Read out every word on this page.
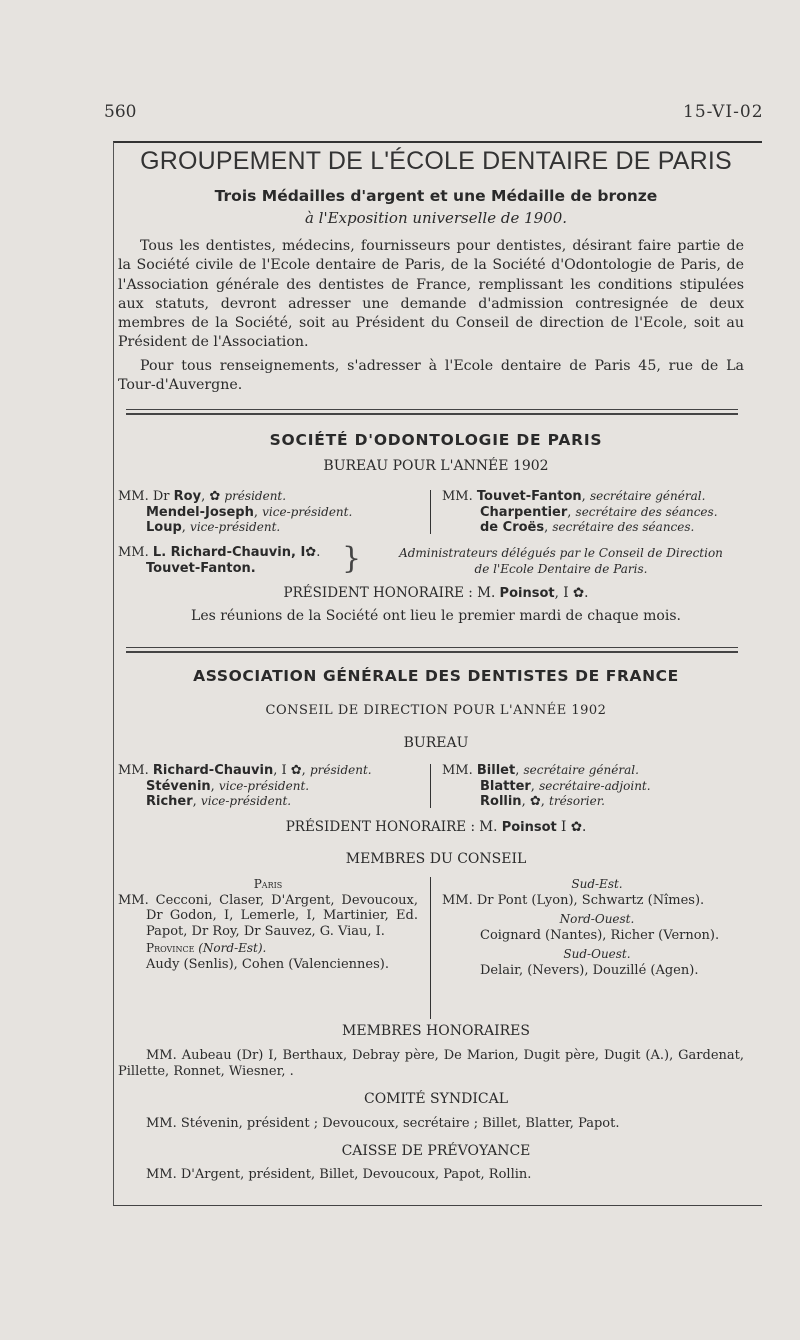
560	15-VI-02
GROUPEMENT DE L'ÉCOLE DENTAIRE DE PARIS
Trois Médailles d'argent et une Médaille de bronze
à l'Exposition universelle de 1900.
Tous les dentistes, médecins, fournisseurs pour dentistes, désirant faire partie de la Société civile de l'Ecole dentaire de Paris, de la Société d'Odontologie de Paris, de l'Association générale des dentistes de France, remplissant les conditions stipulées aux statuts, devront adresser une demande d'admission contresignée de deux membres de la Société, soit au Président du Conseil de direction de l'Ecole, soit au Président de l'Association.
Pour tous renseignements, s'adresser à l'Ecole dentaire de Paris 45, rue de La Tour-d'Auvergne.
SOCIÉTÉ D'ODONTOLOGIE DE PARIS
BUREAU POUR L'ANNÉE 1902
MM. Dr Roy, ✿ président.
Mendel-Joseph, vice-président.
Loup, vice-président.
MM. Touvet-Fanton, secrétaire général.
Charpentier, secrétaire des séances.
de Croës, secrétaire des séances.
MM. L. Richard-Chauvin, I✿.
Touvet-Fanton.	}	Administrateurs délégués par le Conseil de Direction
de l'Ecole Dentaire de Paris.
PRÉSIDENT HONORAIRE : M. Poinsot, I ✿.
Les réunions de la Société ont lieu le premier mardi de chaque mois.
ASSOCIATION GÉNÉRALE DES DENTISTES DE FRANCE
CONSEIL DE DIRECTION POUR L'ANNÉE 1902
BUREAU
MM. Richard-Chauvin, I ✿, président.
Stévenin, vice-président.
Richer, vice-président.
MM. Billet, secrétaire général.
Blatter, secrétaire-adjoint.
Rollin, ✿, trésorier.
PRÉSIDENT HONORAIRE : M. Poinsot I ✿.
MEMBRES DU CONSEIL
Paris
MM. Cecconi, Claser, D'Argent, Devoucoux, Dr Godon, I, Lemerle, I, Martinier, Ed. Papot, Dr Roy, Dr Sauvez, G. Viau, I.
Province (Nord-Est).
Audy (Senlis), Cohen (Valenciennes).
Sud-Est.
MM. Dr Pont (Lyon), Schwartz (Nîmes).
Nord-Ouest.
Coignard (Nantes), Richer (Vernon).
Sud-Ouest.
Delair, (Nevers), Douzillé (Agen).
MEMBRES HONORAIRES
MM. Aubeau (Dr) I, Berthaux, Debray père, De Marion, Dugit père, Dugit (A.), Gardenat, Pillette, Ronnet, Wiesner, .
COMITÉ SYNDICAL
MM. Stévenin, président ; Devoucoux, secrétaire ; Billet, Blatter, Papot.
CAISSE DE PRÉVOYANCE
MM. D'Argent, président, Billet, Devoucoux, Papot, Rollin.
